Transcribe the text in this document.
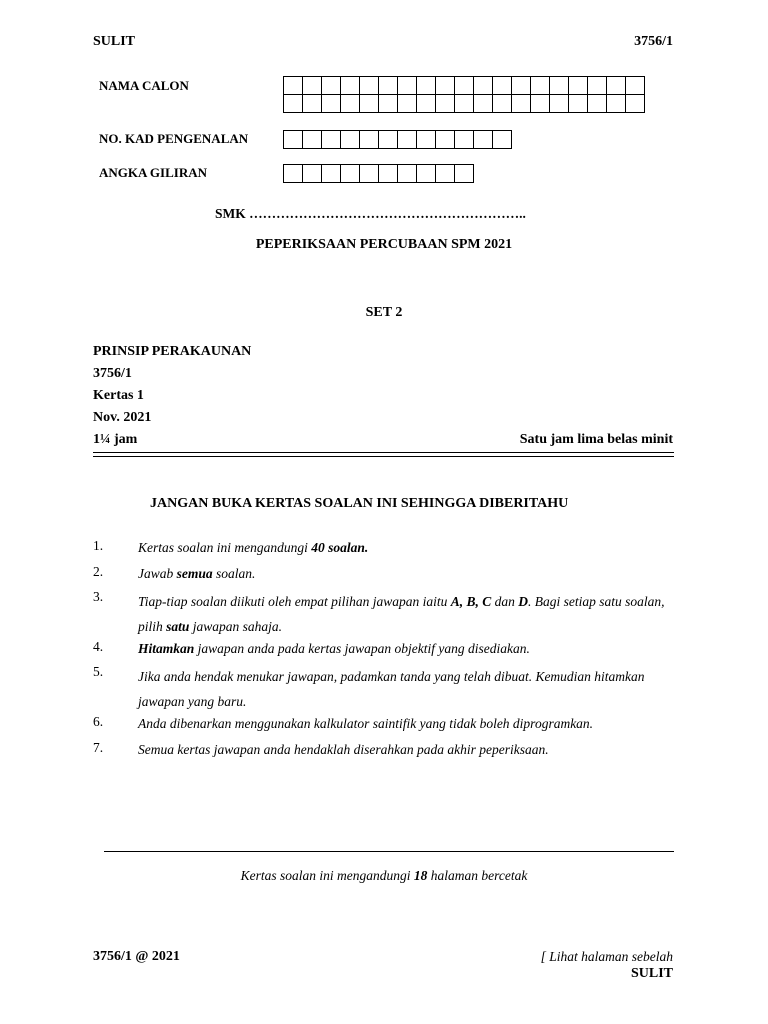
SULIT	3756/1
NAMA CALON

NO. KAD PENGENALAN

ANGKA GILIRAN

SMK ……………………………………………………..
PEPERIKSAAN PERCUBAAN SPM 2021
SET 2
PRINSIP PERAKAUNAN
3756/1
Kertas 1
Nov. 2021
1¼ jam	Satu jam lima belas minit
JANGAN BUKA KERTAS SOALAN INI SEHINGGA DIBERITAHU
1.	Kertas soalan ini mengandungi 40 soalan.
2.	Jawab semua soalan.
3.	Tiap-tiap soalan diikuti oleh empat pilihan jawapan iaitu A, B, C dan D. Bagi setiap satu soalan, pilih satu jawapan sahaja.
4.	Hitamkan jawapan anda pada kertas jawapan objektif yang disediakan.
5.	Jika anda hendak menukar jawapan, padamkan tanda yang telah dibuat. Kemudian hitamkan jawapan yang baru.
6.	Anda dibenarkan menggunakan kalkulator saintifik yang tidak boleh diprogramkan.
7.	Semua kertas jawapan anda hendaklah diserahkan pada akhir peperiksaan.
Kertas soalan ini mengandungi 18 halaman bercetak
3756/1 @ 2021	[ Lihat halaman sebelah
SULIT
